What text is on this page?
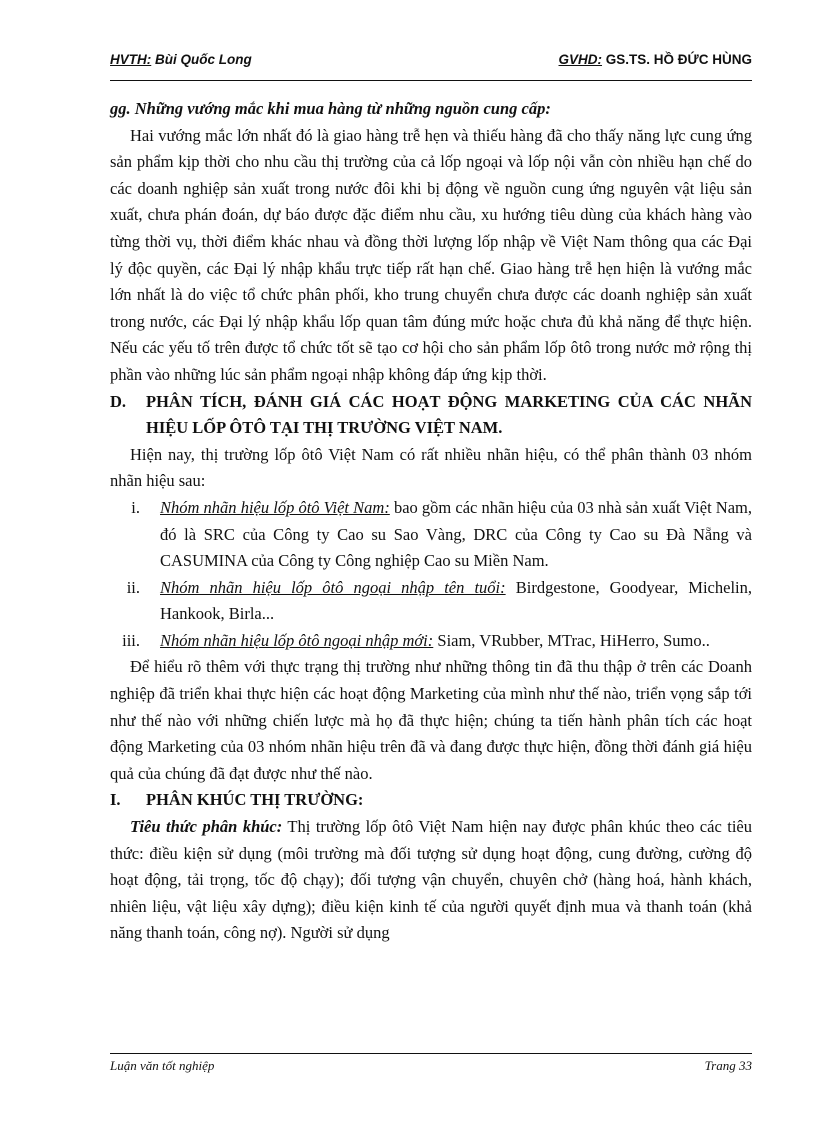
HVTH: Bùi Quốc Long	GVHD: GS.TS. HỒ ĐỨC HÙNG

gg. Những vướng mắc khi mua hàng từ những nguồn cung cấp:

Hai vướng mắc lớn nhất đó là giao hàng trễ hẹn và thiếu hàng đã cho thấy năng lực cung ứng sản phẩm kịp thời cho nhu cầu thị trường của cả lốp ngoại và lốp nội vẫn còn nhiều hạn chế do các doanh nghiệp sản xuất trong nước đôi khi bị động về nguồn cung ứng nguyên vật liệu sản xuất, chưa phán đoán, dự báo được đặc điểm nhu cầu, xu hướng tiêu dùng của khách hàng vào từng thời vụ, thời điểm khác nhau và đồng thời lượng lốp nhập về Việt Nam thông qua các Đại lý độc quyền, các Đại lý nhập khẩu trực tiếp rất hạn chế. Giao hàng trễ hẹn hiện là vướng mắc lớn nhất là do việc tổ chức phân phối, kho trung chuyển chưa được các doanh nghiệp sản xuất trong nước, các Đại lý nhập khẩu lốp quan tâm đúng mức hoặc chưa đủ khả năng để thực hiện. Nếu các yếu tố trên được tổ chức tốt sẽ tạo cơ hội cho sản phẩm lốp ôtô trong nước mở rộng thị phần vào những lúc sản phẩm ngoại nhập không đáp ứng kịp thời.

D. PHÂN TÍCH, ĐÁNH GIÁ CÁC HOẠT ĐỘNG MARKETING CỦA CÁC NHÃN HIỆU LỐP ÔTÔ TẠI THỊ TRƯỜNG VIỆT NAM.

Hiện nay, thị trường lốp ôtô Việt Nam có rất nhiều nhãn hiệu, có thể phân thành 03 nhóm nhãn hiệu sau:

i. Nhóm nhãn hiệu lốp ôtô Việt Nam: bao gồm các nhãn hiệu của 03 nhà sản xuất Việt Nam, đó là SRC của Công ty Cao su Sao Vàng, DRC của Công ty Cao su Đà Nẵng và CASUMINA của Công ty Công nghiệp Cao su Miền Nam.

ii. Nhóm nhãn hiệu lốp ôtô ngoại nhập tên tuổi: Birdgestone, Goodyear, Michelin, Hankook, Birla...

iii. Nhóm nhãn hiệu lốp ôtô ngoại nhập mới: Siam, VRubber, MTrac, HiHerro, Sumo..

Để hiểu rõ thêm với thực trạng thị trường như những thông tin đã thu thập ở trên các Doanh nghiệp đã triển khai thực hiện các hoạt động Marketing của mình như thế nào, triển vọng sắp tới như thế nào với những chiến lược mà họ đã thực hiện; chúng ta tiến hành phân tích các hoạt động Marketing của 03 nhóm nhãn hiệu trên đã và đang được thực hiện, đồng thời đánh giá hiệu quả của chúng đã đạt được như thế nào.

I. PHÂN KHÚC THỊ TRƯỜNG:

Tiêu thức phân khúc: Thị trường lốp ôtô Việt Nam hiện nay được phân khúc theo các tiêu thức: điều kiện sử dụng (môi trường mà đối tượng sử dụng hoạt động, cung đường, cường độ hoạt động, tải trọng, tốc độ chạy); đối tượng vận chuyển, chuyên chở (hàng hoá, hành khách, nhiên liệu, vật liệu xây dựng); điều kiện kinh tế của người quyết định mua và thanh toán (khả năng thanh toán, công nợ). Người sử dụng

Luận văn tốt nghiệp	Trang 33
